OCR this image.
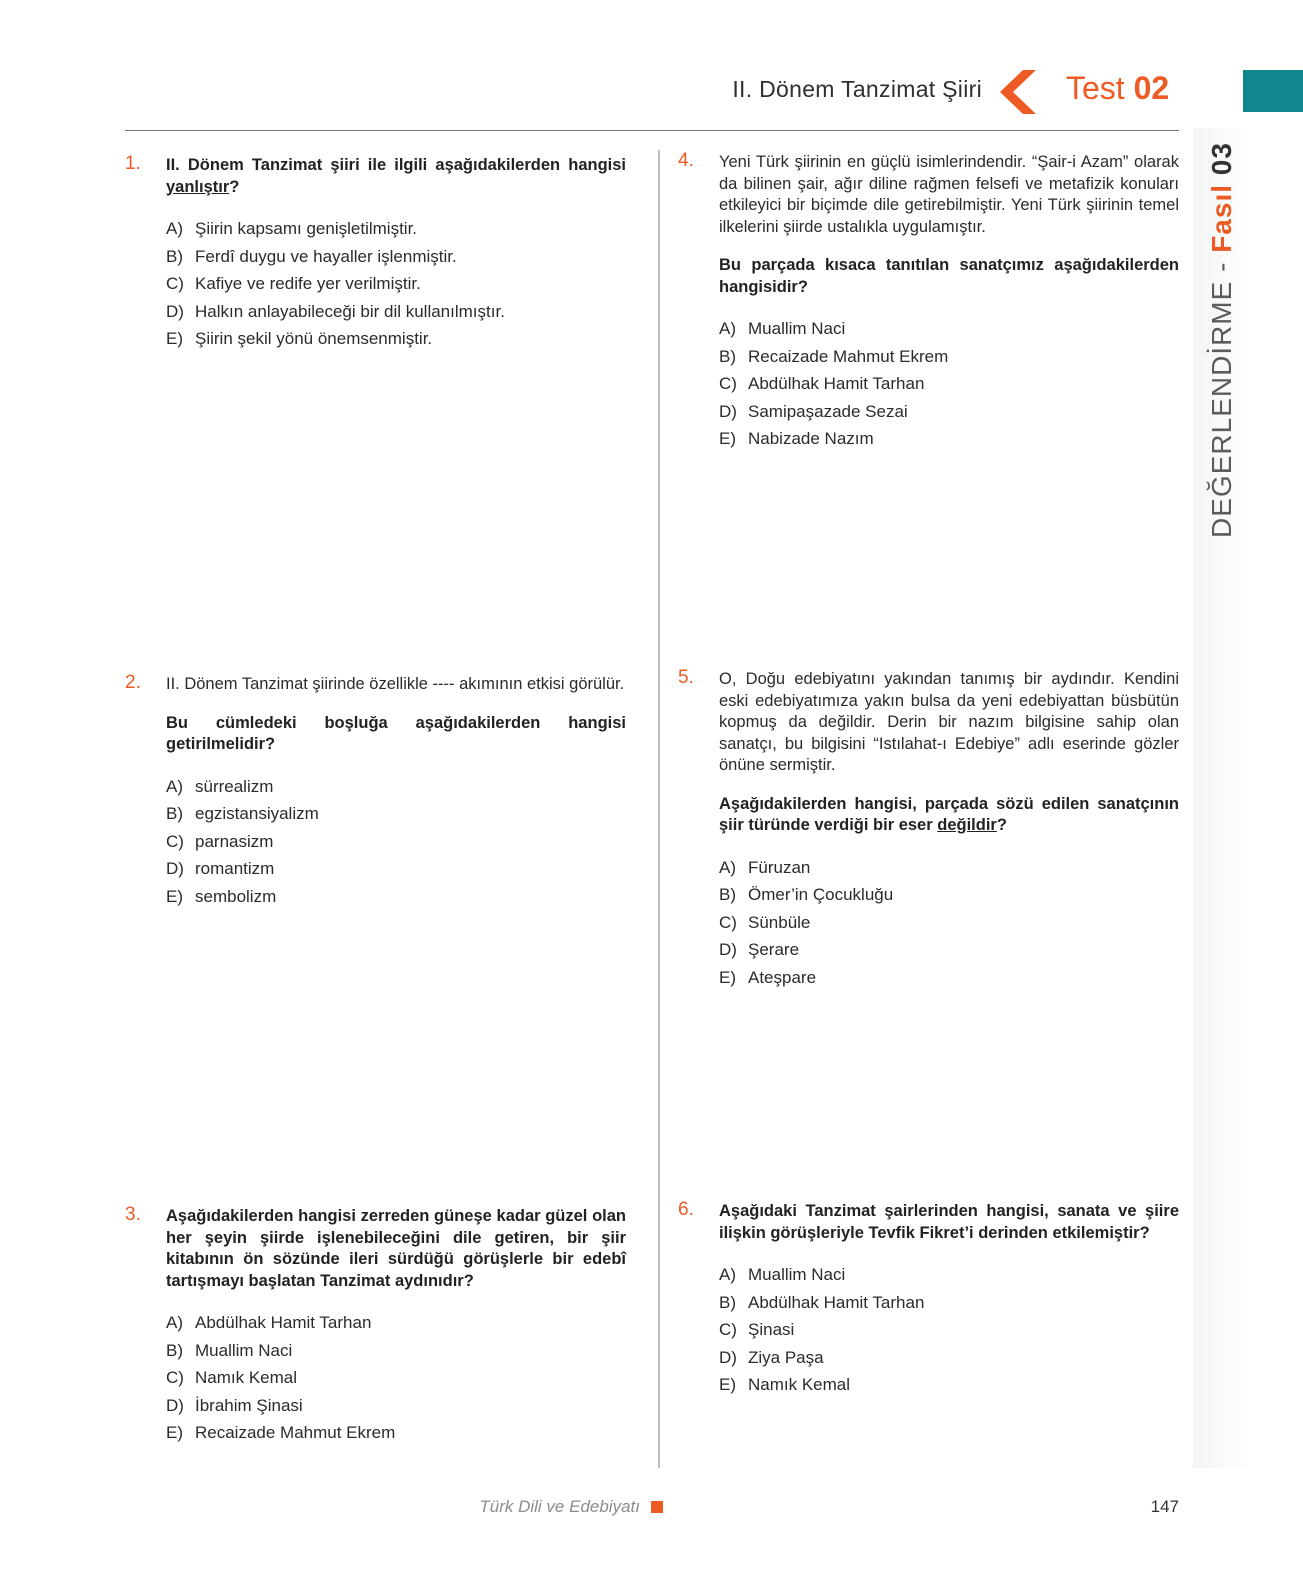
II. Dönem Tanzimat Şiiri	Test 02
DEĞERLENDİRME - Fasıl 03
1. II. Dönem Tanzimat şiiri ile ilgili aşağıdakilerden hangisi yanlıştır?

A) Şiirin kapsamı genişletilmiştir.
B) Ferdî duygu ve hayaller işlenmiştir.
C) Kafiye ve redife yer verilmiştir.
D) Halkın anlayabileceği bir dil kullanılmıştır.
E) Şiirin şekil yönü önemsenmiştir.
2. II. Dönem Tanzimat şiirinde özellikle ---- akımının etkisi görülür.

Bu cümledeki boşluğa aşağıdakilerden hangisi getirilmelidir?

A) sürrealizm
B) egzistansiyalizm
C) parnasizm
D) romantizm
E) sembolizm
3. Aşağıdakilerden hangisi zerreden güneşe kadar güzel olan her şeyin şiirde işlenebileceğini dile getiren, bir şiir kitabının ön sözünde ileri sürdüğü görüşlerle bir edebî tartışmayı başlatan Tanzimat aydınıdır?

A) Abdülhak Hamit Tarhan
B) Muallim Naci
C) Namık Kemal
D) İbrahim Şinasi
E) Recaizade Mahmut Ekrem
4. Yeni Türk şiirinin en güçlü isimlerindendir. “Şair-i Azam” olarak da bilinen şair, ağır diline rağmen felsefi ve metafizik konuları etkileyici bir biçimde dile getirebilmiştir. Yeni Türk şiirinin temel ilkelerini şiirde ustalıkla uygulamıştır.

Bu parçada kısaca tanıtılan sanatçımız aşağıdakilerden hangisidir?

A) Muallim Naci
B) Recaizade Mahmut Ekrem
C) Abdülhak Hamit Tarhan
D) Samipaşazade Sezai
E) Nabizade Nazım
5. O, Doğu edebiyatını yakından tanımış bir aydındır. Kendini eski edebiyatımıza yakın bulsa da yeni edebiyattan büsbütün kopmuş da değildir. Derin bir nazım bilgisine sahip olan sanatçı, bu bilgisini “Istılahat-ı Edebiye” adlı eserinde gözler önüne sermiştir.

Aşağıdakilerden hangisi, parçada sözü edilen sanatçının şiir türünde verdiği bir eser değildir?

A) Füruzan
B) Ömer’in Çocukluğu
C) Sünbüle
D) Şerare
E) Ateşpare
6. Aşağıdaki Tanzimat şairlerinden hangisi, sanata ve şiire ilişkin görüşleriyle Tevfik Fikret’i derinden etkilemiştir?

A) Muallim Naci
B) Abdülhak Hamit Tarhan
C) Şinasi
D) Ziya Paşa
E) Namık Kemal
Türk Dili ve Edebiyatı	147
